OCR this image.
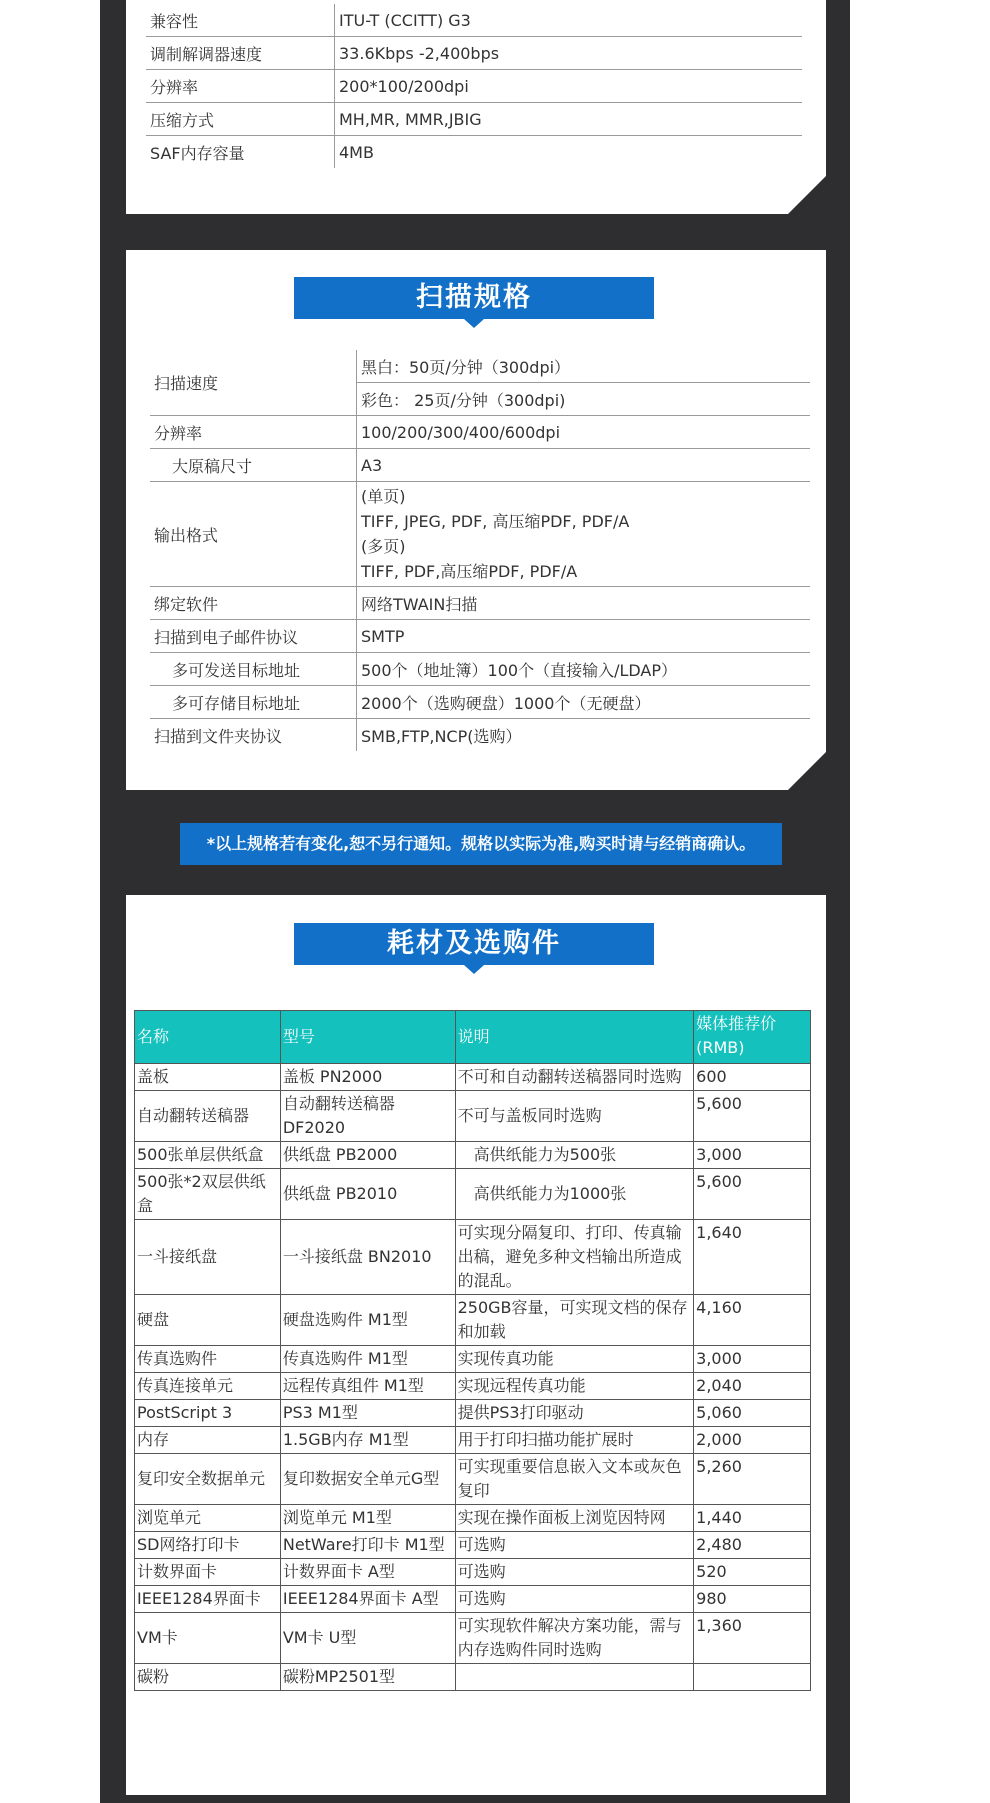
兼容性	ITU-T (CCITT) G3
调制解调器速度	33.6Kbps -2,400bps
分辨率	200*100/200dpi
压缩方式	MH,MR, MMR,JBIG
SAF内存容量	4MB
扫描规格
扫描速度	黑白：50页/分钟（300dpi）
	彩色： 25页/分钟（300dpi)
分辨率	100/200/300/400/600dpi
大原稿尺寸	A3
输出格式	(单页)
TIFF, JPEG, PDF, 高压缩PDF, PDF/A
(多页)
TIFF, PDF,高压缩PDF, PDF/A

绑定软件	网络TWAIN扫描
扫描到电子邮件协议	SMTP
多可发送目标地址	500个（地址簿）100个（直接输入/LDAP）
多可存储目标地址	2000个（选购硬盘）1000个（无硬盘）
扫描到文件夹协议	SMB,FTP,NCP(选购）
*以上规格若有变化,恕不另行通知。规格以实际为准,购买时请与经销商确认。
耗材及选购件
名称	型号	说明	媒体推荐价(RMB)
盖板	盖板 PN2000	不可和自动翻转送稿器同时选购	600
自动翻转送稿器	自动翻转送稿器DF2020	不可与盖板同时选购	5,600
500张单层供纸盒	供纸盘 PB2000	高供纸能力为500张	3,000
500张*2双层供纸盒	供纸盘 PB2010	高供纸能力为1000张	5,600
一斗接纸盘	一斗接纸盘 BN2010	可实现分隔复印、打印、传真输出稿，避免多种文档输出所造成的混乱。	1,640
硬盘	硬盘选购件 M1型	250GB容量，可实现文档的保存和加载	4,160
传真选购件	传真选购件 M1型	实现传真功能	3,000
传真连接单元	远程传真组件 M1型	实现远程传真功能	2,040
PostScript 3	PS3 M1型	提供PS3打印驱动	5,060
内存	1.5GB内存 M1型	用于打印扫描功能扩展时	2,000
复印安全数据单元	复印数据安全单元G型	可实现重要信息嵌入文本或灰色复印	5,260
浏览单元	浏览单元 M1型	实现在操作面板上浏览因特网	1,440
SD网络打印卡	NetWare打印卡 M1型	可选购	2,480
计数界面卡	计数界面卡 A型	可选购	520
IEEE1284界面卡	IEEE1284界面卡 A型	可选购	980
VM卡	VM卡 U型	可实现软件解决方案功能，需与内存选购件同时选购	1,360
碳粉	碳粉MP2501型		
